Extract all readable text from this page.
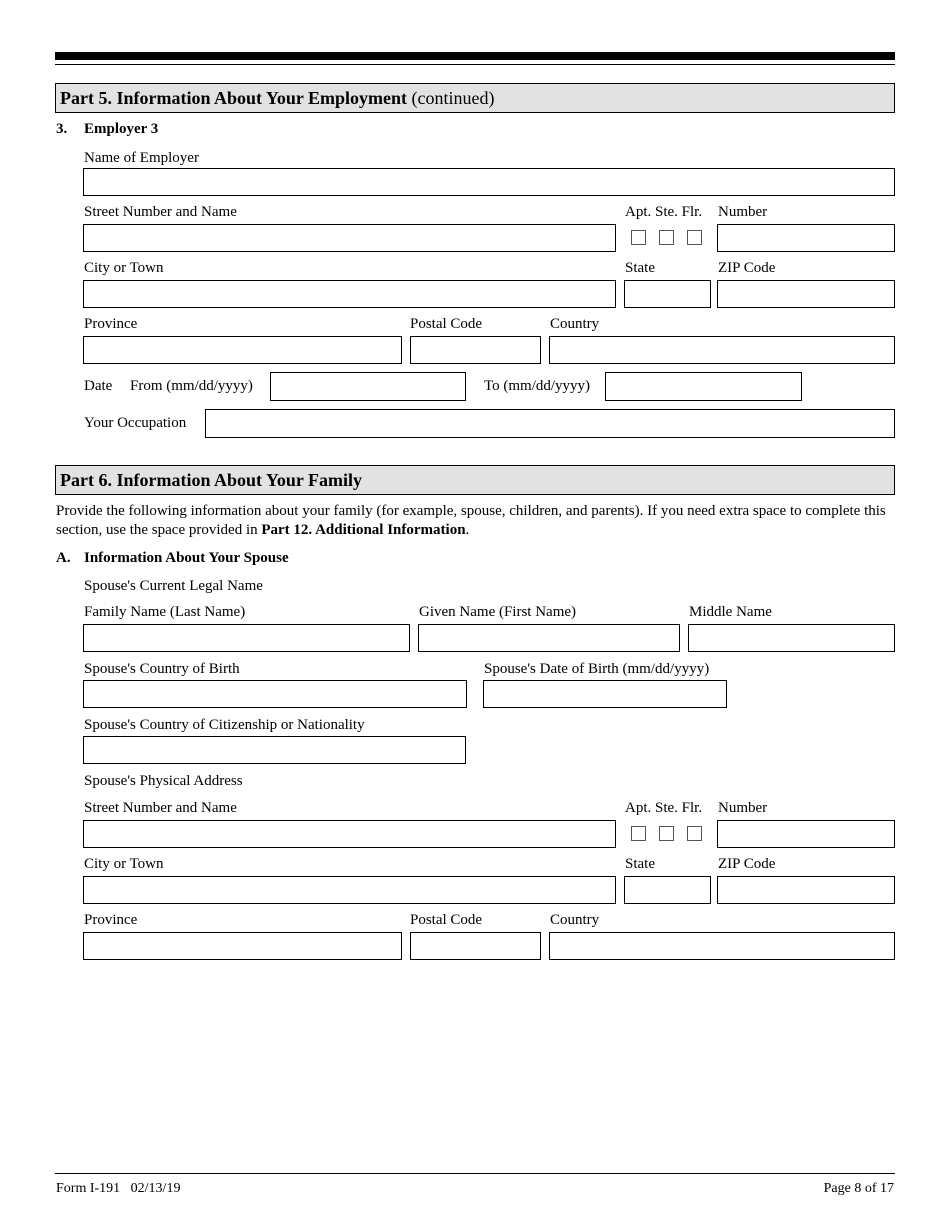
Part 5. Information About Your Employment (continued)
3. Employer 3
Name of Employer
Street Number and Name	Apt. Ste. Flr. Number
City or Town	State	ZIP Code
Province	Postal Code	Country
Date From (mm/dd/yyyy)	To (mm/dd/yyyy)
Your Occupation
Part 6. Information About Your Family
Provide the following information about your family (for example, spouse, children, and parents). If you need extra space to complete this section, use the space provided in Part 12. Additional Information.
A. Information About Your Spouse
Spouse's Current Legal Name
Family Name (Last Name)	Given Name (First Name)	Middle Name
Spouse's Country of Birth	Spouse's Date of Birth (mm/dd/yyyy)
Spouse's Country of Citizenship or Nationality
Spouse's Physical Address
Street Number and Name	Apt. Ste. Flr. Number
City or Town	State	ZIP Code
Province	Postal Code	Country
Form I-191   02/13/19	Page 8 of 17
